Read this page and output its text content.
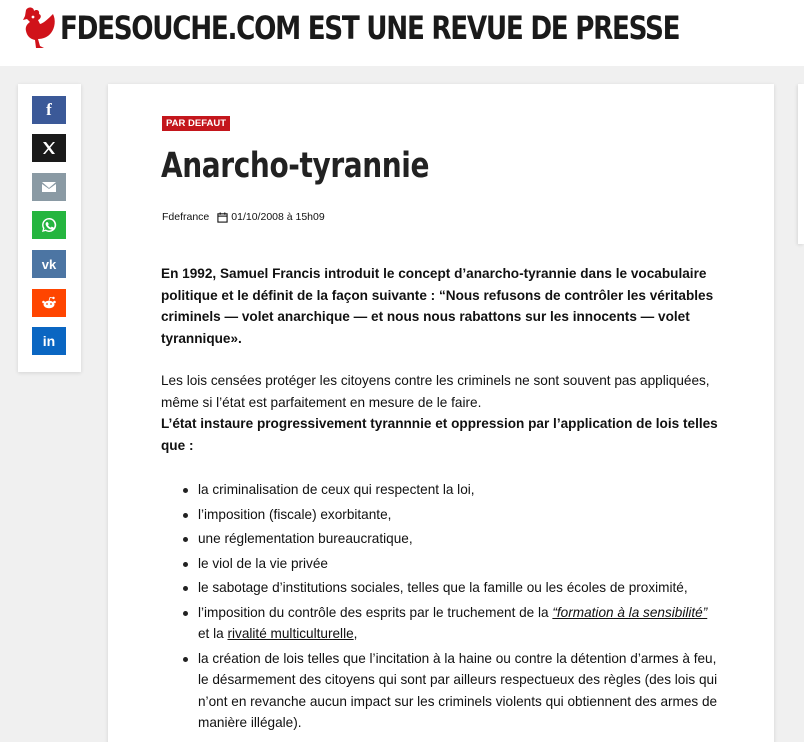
FDESOUCHE.COM EST UNE REVUE DE PRESSE
f
vk
in
PAR DEFAUT
Anarcho-tyrannie
Fdefrance 01/10/2008 à 15h09

En 1992, Samuel Francis introduit le concept d’anarcho-tyrannie dans le vocabulaire politique et le définit de la façon suivante : “Nous refusons de contrôler les véritables criminels — volet anarchique — et nous nous rabattons sur les innocents — volet tyrannique».

Les lois censées protéger les citoyens contre les criminels ne sont souvent pas appliquées, même si l’état est parfaitement en mesure de le faire.
L’état instaure progressivement tyrannnie et oppression par l’application de lois telles que :

la criminalisation de ceux qui respectent la loi,
l’imposition (fiscale) exorbitante,
une réglementation bureaucratique,
le viol de la vie privée
le sabotage d’institutions sociales, telles que la famille ou les écoles de proximité,
l’imposition du contrôle des esprits par le truchement de la “formation à la sensibilité” et la rivalité multiculturelle,
la création de lois telles que l’incitation à la haine ou contre la détention d’armes à feu, le désarmement des citoyens qui sont par ailleurs respectueux des règles (des lois qui n’ont en revanche aucun impact sur les criminels violents qui obtiennent des armes de manière illégale).
